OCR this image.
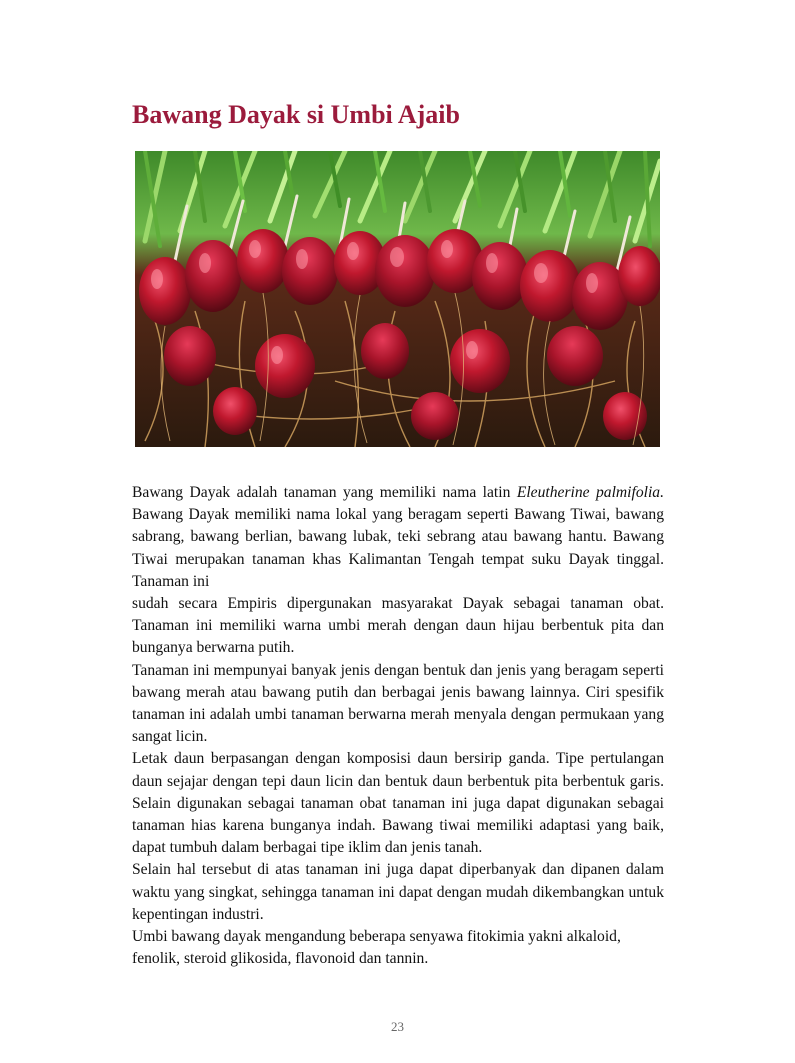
Bawang Dayak si Umbi Ajaib

Bawang Dayak adalah tanaman yang memiliki nama latin Eleutherine palmifolia. Bawang Dayak memiliki nama lokal yang beragam seperti Bawang Tiwai, bawang sabrang, bawang berlian, bawang lubak, teki sebrang atau bawang hantu. Bawang Tiwai merupakan tanaman khas Kalimantan Tengah tempat suku Dayak tinggal. Tanaman ini

sudah secara Empiris dipergunakan masyarakat Dayak sebagai tanaman obat. Tanaman ini memiliki warna umbi merah dengan daun hijau berbentuk pita dan bunganya berwarna putih.

Tanaman ini mempunyai banyak jenis dengan bentuk dan jenis yang beragam seperti bawang merah atau bawang putih dan berbagai jenis bawang lainnya. Ciri spesifik tanaman ini adalah umbi tanaman berwarna merah menyala dengan permukaan yang sangat licin.

Letak daun berpasangan dengan komposisi daun bersirip ganda. Tipe pertulangan daun sejajar dengan tepi daun licin dan bentuk daun berbentuk pita berbentuk garis. Selain digunakan sebagai tanaman obat tanaman ini juga dapat digunakan sebagai tanaman hias karena bunganya indah. Bawang tiwai memiliki adaptasi yang baik, dapat tumbuh dalam berbagai tipe iklim dan jenis tanah.

Selain hal tersebut di atas tanaman ini juga dapat diperbanyak dan dipanen dalam waktu yang singkat, sehingga tanaman ini dapat dengan mudah dikembangkan untuk kepentingan industri.

Umbi bawang dayak mengandung beberapa senyawa fitokimia yakni alkaloid, fenolik, steroid glikosida, flavonoid dan tannin.

23
